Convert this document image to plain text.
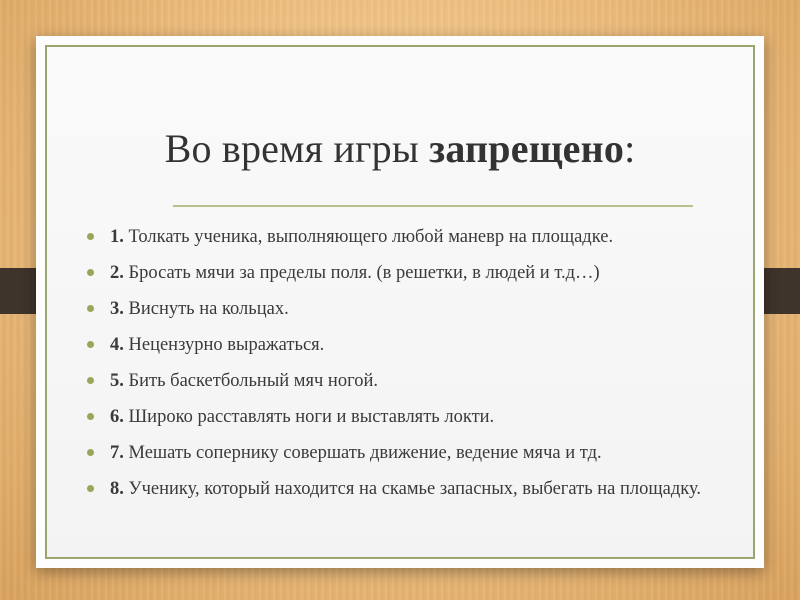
Во время игры запрещено:
1. Толкать ученика, выполняющего любой маневр на площадке.
2. Бросать мячи за пределы поля. (в решетки, в людей и т.д…)
3. Виснуть на кольцах.
4. Нецензурно выражаться.
5. Бить баскетбольный мяч ногой.
6. Широко расставлять ноги и выставлять локти.
7. Мешать сопернику совершать движение, ведение мяча и тд.
8. Ученику, который находится на скамье запасных, выбегать на площадку.
